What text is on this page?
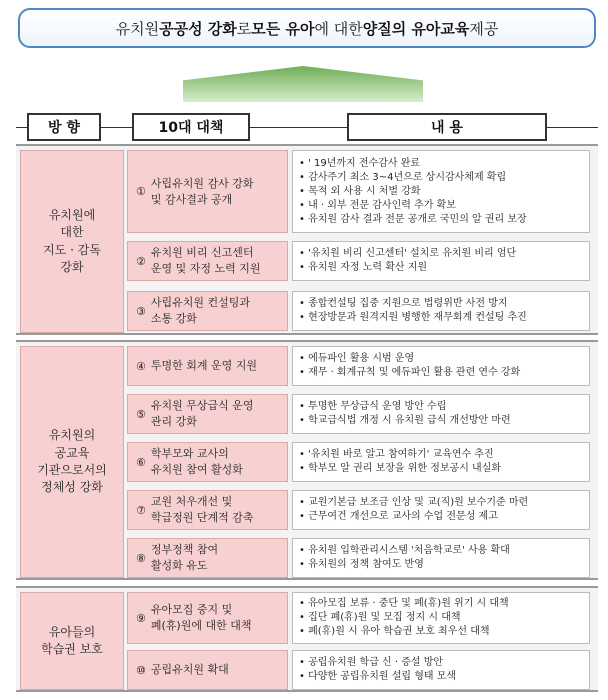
유치원 공공성 강화 로 모든 유아 에 대한 양질의 유아교육 제공
방 향	10대 대책	내 용
유치원에
대한
지도 · 감독
강화
①
사립유치원 감사 강화
및 감사결과 공개
• ' 19년까지 전수감사 완료
• 감사주기 최소 3~4년으로 상시감사체제 확립
• 목적 외 사용 시 처벌 강화
• 내 · 외부 전문 감사인력 추가 확보
• 유치원 감사 결과 전문 공개로 국민의 알 권리 보장
②
유치원 비리 신고센터
운영 및 자정 노력 지원
• '유치원 비리 신고센터' 설치로 유치원 비리 엄단
• 유치원 자정 노력 확산 지원
③
사립유치원 컨설팅과
소통 강화
• 종합컨설팅 집중 지원으로 법령위반 사전 방지
• 현장방문과 원격지원 병행한 재무회계 컨설팅 추진
유치원의
공교육
기관으로서의
정체성 강화
④ 투명한 회계 운영 지원
• 에듀파인 활용 시범 운영
• 재무 · 회계규칙 및 에듀파인 활용 관련 연수 강화
⑤
유치원 무상급식 운영
관리 강화
• 투명한 무상급식 운영 방안 수립
• 학교급식법 개정 시 유치원 급식 개선방안 마련
⑥
학부모와 교사의
유치원 참여 활성화
• '유치원 바로 알고 참여하기' 교육연수 추진
• 학부모 알 권리 보장을 위한 정보공시 내실화
⑦
교원 처우개선 및
학급정원 단계적 감축
• 교원기본급 보조금 인상 및 교(직)원 보수기준 마련
• 근무여건 개선으로 교사의 수업 전문성 제고
⑧
정부정책 참여
활성화 유도
• 유치원 입학관리시스템 '처음학교로' 사용 확대
• 유치원의 정책 참여도 반영
유아들의
학습권 보호
⑨
유아모집 중지 및
폐(휴)원에 대한 대책
• 유아모집 보류 · 중단 및 폐(휴)원 위기 시 대책
• 집단 폐(휴)원 및 모집 정지 시 대책
• 폐(휴)원 시 유아 학습권 보호 최우선 대책
⑩ 공립유치원 확대
• 공립유치원 학급 신 · 증설 방안
• 다양한 공립유치원 설립 형태 모색
